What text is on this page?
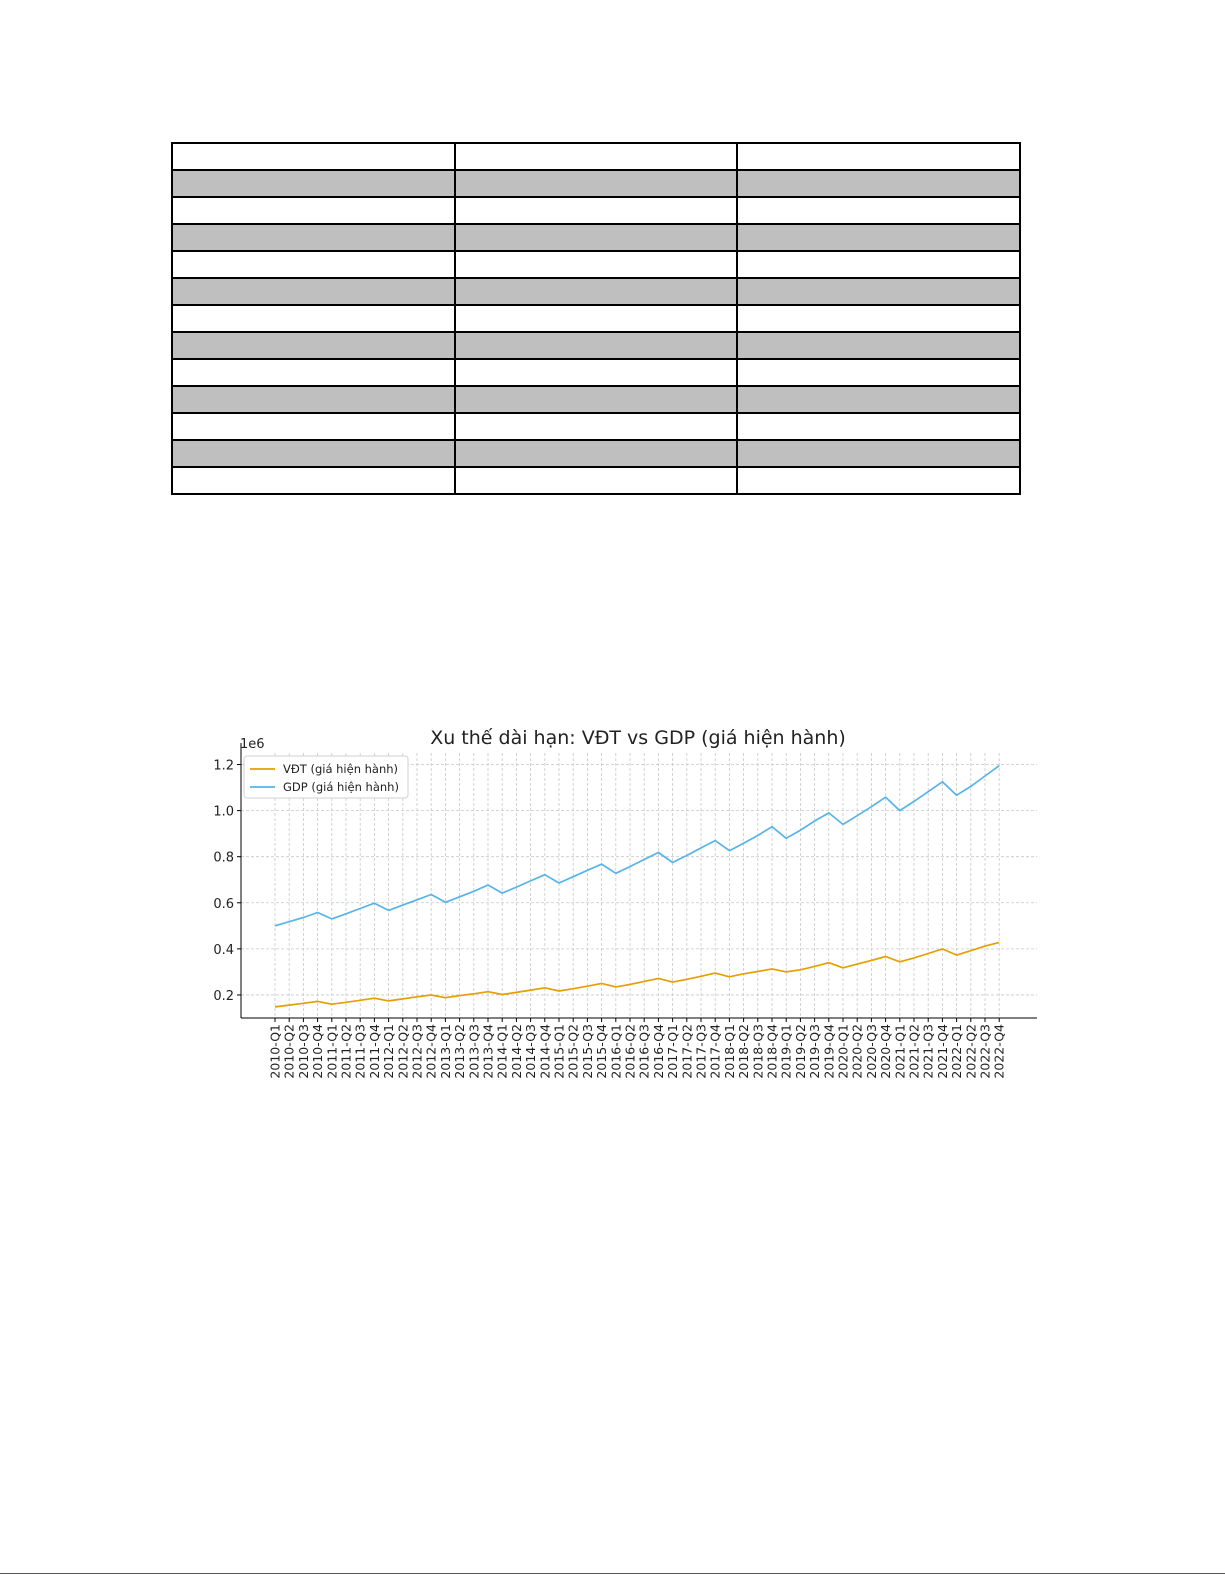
Xu thế dài hạn: VĐT vs GDP (giá hiện hành)
1e6
0.2
0.4
0.6
0.8
1.0
1.2
2010-Q1 2010-Q2 2010-Q3 2010-Q4 2011-Q1 2011-Q2 2011-Q3 2011-Q4 2012-Q1 2012-Q2 2012-Q3 2012-Q4 2013-Q1 2013-Q2 2013-Q3 2013-Q4 2014-Q1 2014-Q2 2014-Q3 2014-Q4 2015-Q1 2015-Q2 2015-Q3 2015-Q4 2016-Q1 2016-Q2 2016-Q3 2016-Q4 2017-Q1 2017-Q2 2017-Q3 2017-Q4 2018-Q1 2018-Q2 2018-Q3 2018-Q4 2019-Q1 2019-Q2 2019-Q3 2019-Q4 2020-Q1 2020-Q2 2020-Q3 2020-Q4 2021-Q1 2021-Q2 2021-Q3 2021-Q4 2022-Q1 2022-Q2 2022-Q3 2022-Q4
VĐT (giá hiện hành)
GDP (giá hiện hành)
